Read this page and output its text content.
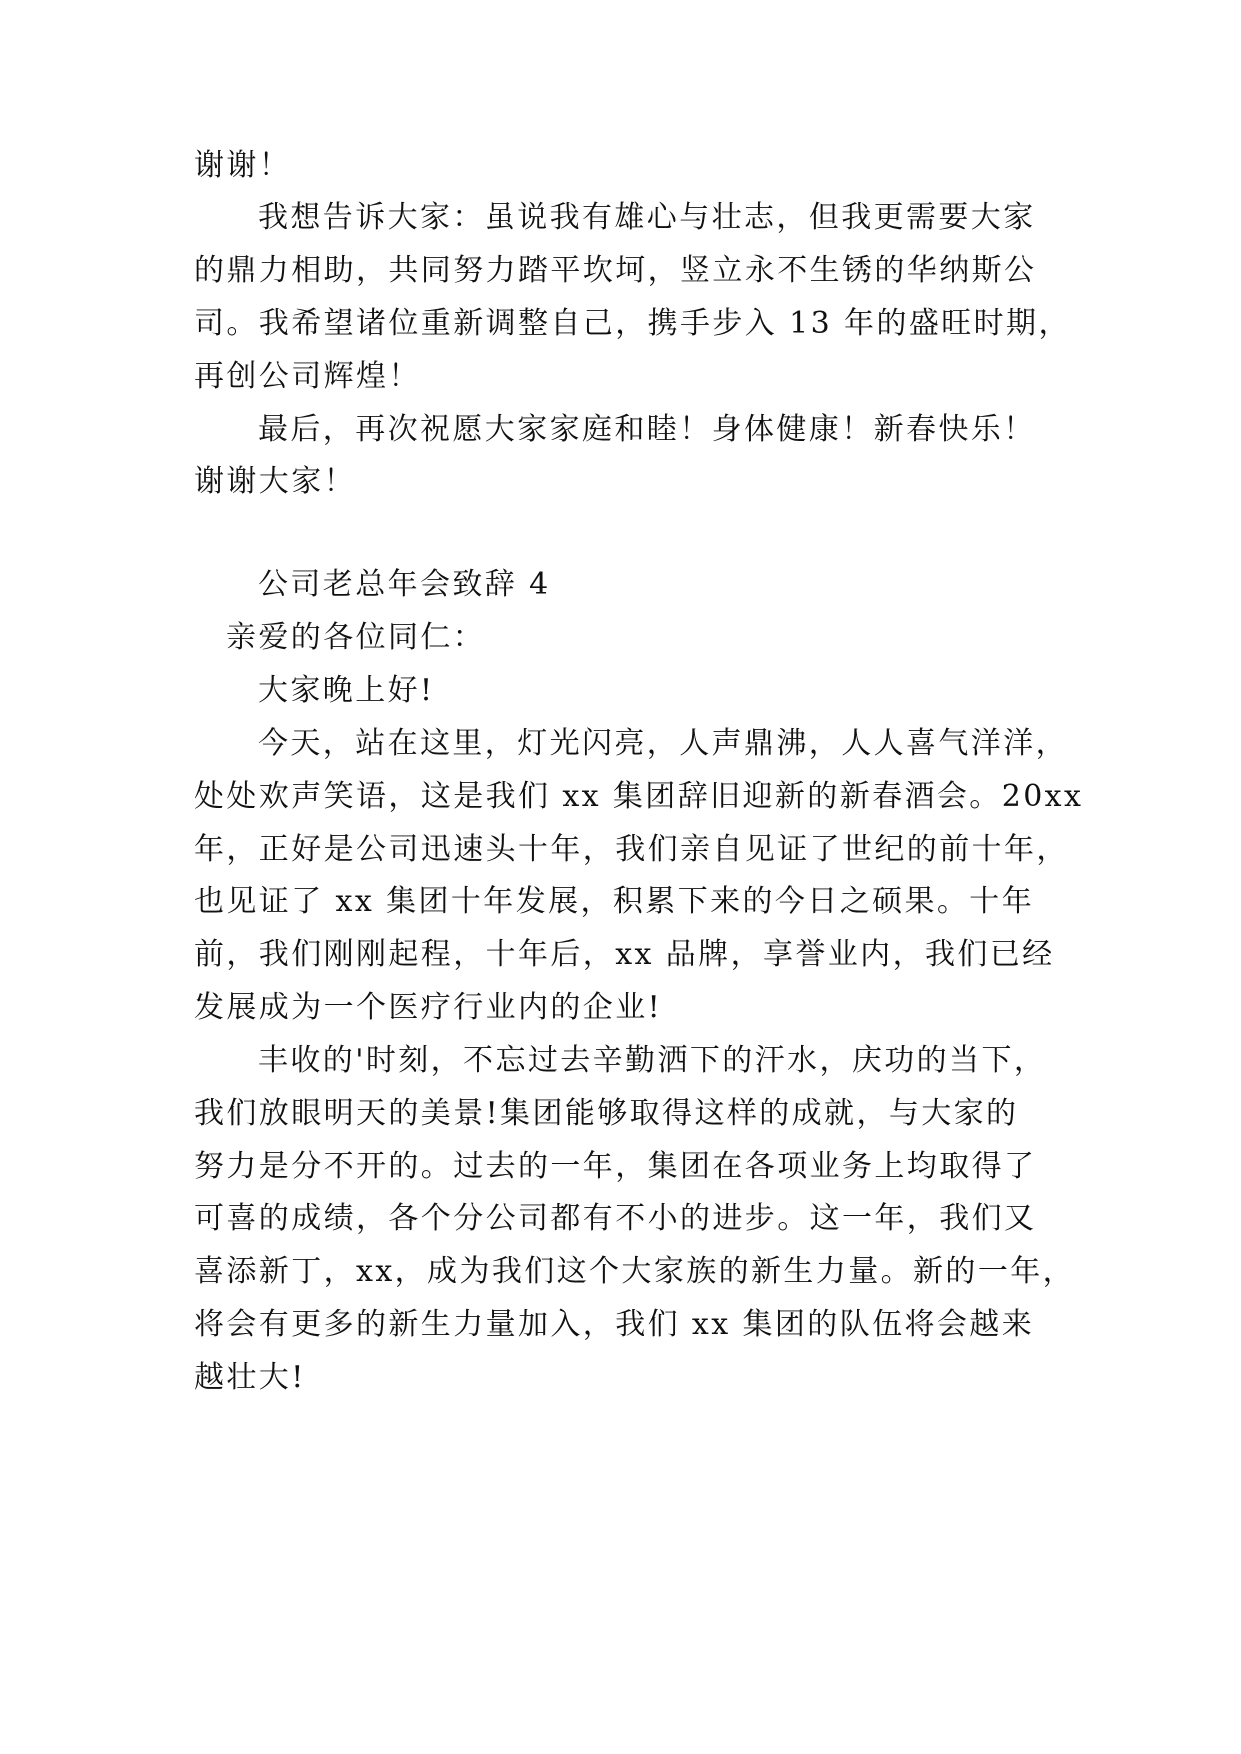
谢谢！
我想告诉大家：虽说我有雄心与壮志，但我更需要大家
的鼎力相助，共同努力踏平坎坷，竖立永不生锈的华纳斯公
司。我希望诸位重新调整自己，携手步入 13 年的盛旺时期，
再创公司辉煌！
最后，再次祝愿大家家庭和睦！身体健康！新春快乐！
谢谢大家！
公司老总年会致辞 4
亲爱的各位同仁：
大家晚上好!
今天，站在这里，灯光闪亮，人声鼎沸，人人喜气洋洋，
处处欢声笑语，这是我们 xx 集团辞旧迎新的新春酒会。20xx
年，正好是公司迅速头十年，我们亲自见证了世纪的前十年，
也见证了 xx 集团十年发展，积累下来的今日之硕果。十年
前，我们刚刚起程，十年后，xx 品牌，享誉业内，我们已经
发展成为一个医疗行业内的企业!
丰收的'时刻，不忘过去辛勤洒下的汗水，庆功的当下，
我们放眼明天的美景!集团能够取得这样的成就，与大家的
努力是分不开的。过去的一年，集团在各项业务上均取得了
可喜的成绩，各个分公司都有不小的进步。这一年，我们又
喜添新丁，xx，成为我们这个大家族的新生力量。新的一年，
将会有更多的新生力量加入，我们 xx 集团的队伍将会越来
越壮大!
